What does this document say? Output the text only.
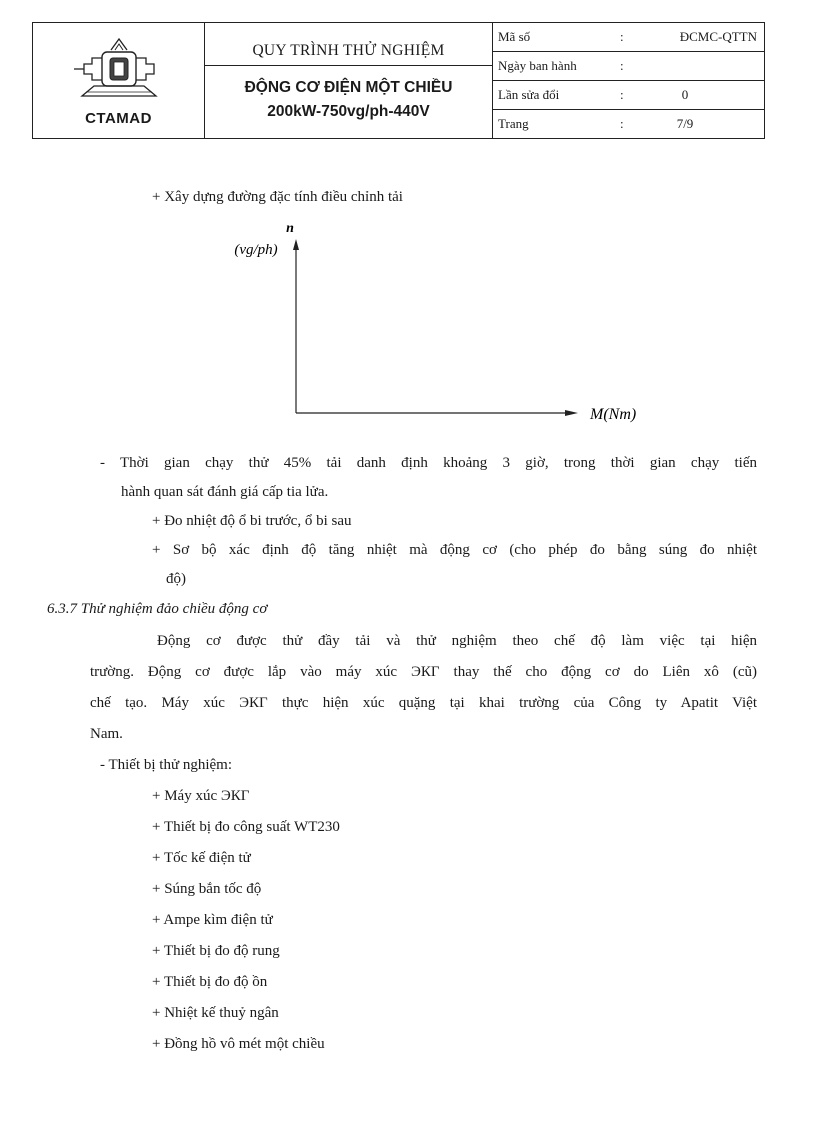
CTAMAD

QUY TRÌNH THỬ NGHIỆM
ĐỘNG CƠ ĐIỆN MỘT CHIỀU
200kW-750vg/ph-440V

Mã số	:	ĐCMC-QTTN
Ngày ban hành	:
Lần sửa đổi	:	0
Trang	:	7/9
+ Xây dựng đường đặc tính điều chỉnh tải
n
(vg/ph)
M(Nm)
- Thời gian chạy thử 45% tải danh định khoảng 3 giờ, trong thời gian chạy tiến
hành quan sát đánh giá cấp tia lửa.
+ Đo nhiệt độ ổ bi trước, ổ bi sau
+ Sơ bộ xác định độ tăng nhiệt mà động cơ (cho phép đo bằng súng đo nhiệt
độ)
6.3.7 Thử nghiệm đảo chiều động cơ
Động cơ được thử đầy tải và thử nghiệm theo chế độ làm việc tại hiện
trường. Động cơ được lắp vào máy xúc ЭКГ thay thế cho động cơ do Liên xô (cũ)
chế tạo. Máy xúc ЭКГ thực hiện xúc quặng tại khai trường của Công ty Apatit Việt
Nam.
- Thiết bị thử nghiệm:
+ Máy xúc ЭКГ
+ Thiết bị đo công suất WT230
+ Tốc kế điện tử
+ Súng bắn tốc độ
+ Ampe kìm điện tử
+ Thiết bị đo độ rung
+ Thiết bị đo độ ồn
+ Nhiệt kế thuỷ ngân
+ Đồng hồ vô mét một chiều
